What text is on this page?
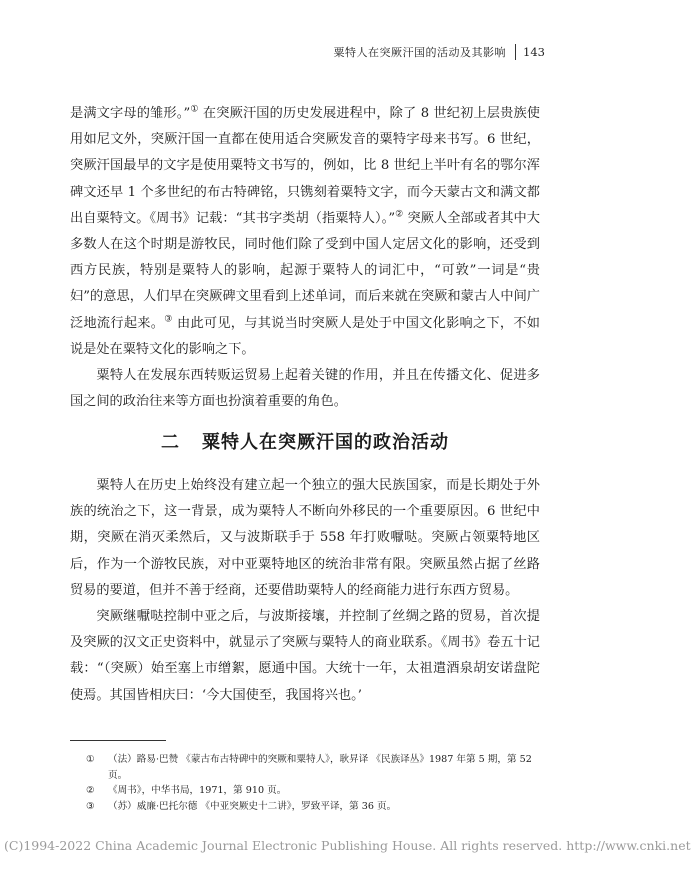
粟特人在突厥汗国的活动及其影响 143

是满文字母的雏形。”① 在突厥汗国的历史发展进程中，除了 8 世纪初上层贵族使用如尼文外，突厥汗国一直都在使用适合突厥发音的粟特字母来书写。6 世纪，突厥汗国最早的文字是使用粟特文书写的，例如，比 8 世纪上半叶有名的鄂尔浑碑文还早 1 个多世纪的布古特碑铭，只镌刻着粟特文字，而今天蒙古文和满文都出自粟特文。《周书》记载：“其书字类胡（指粟特人）。”② 突厥人全部或者其中大多数人在这个时期是游牧民，同时他们除了受到中国人定居文化的影响，还受到西方民族，特别是粟特人的影响，起源于粟特人的词汇中，“可敦”一词是“贵妇”的意思，人们早在突厥碑文里看到上述单词，而后来就在突厥和蒙古人中间广泛地流行起来。③ 由此可见，与其说当时突厥人是处于中国文化影响之下，不如说是处在粟特文化的影响之下。

粟特人在发展东西转贩运贸易上起着关键的作用，并且在传播文化、促进多国之间的政治往来等方面也扮演着重要的角色。

二 粟特人在突厥汗国的政治活动

粟特人在历史上始终没有建立起一个独立的强大民族国家，而是长期处于外族的统治之下，这一背景，成为粟特人不断向外移民的一个重要原因。6 世纪中期，突厥在消灭柔然后，又与波斯联手于 558 年打败嚈哒。突厥占领粟特地区后，作为一个游牧民族，对中亚粟特地区的统治非常有限。突厥虽然占据了丝路贸易的要道，但并不善于经商，还要借助粟特人的经商能力进行东西方贸易。

突厥继嚈哒控制中亚之后，与波斯接壤，并控制了丝绸之路的贸易，首次提及突厥的汉文正史资料中，就显示了突厥与粟特人的商业联系。《周书》卷五十记载：“（突厥）始至塞上市缯絮，愿通中国。大统十一年，太祖遣酒泉胡安诺盘陀使焉。其国皆相庆曰：‘今大国使至，我国将兴也。’

①	（法）路易·巴赞 《蒙古布古特碑中的突厥和粟特人》，耿昇译 《民族译丛》1987 年第 5 期，第 52 页。

②	《周书》，中华书局，1971，第 910 页。

③	（苏）威廉·巴托尔德 《中亚突厥史十二讲》，罗致平译，第 36 页。

(C)1994-2022 China Academic Journal Electronic Publishing House. All rights reserved. http://www.cnki.net
